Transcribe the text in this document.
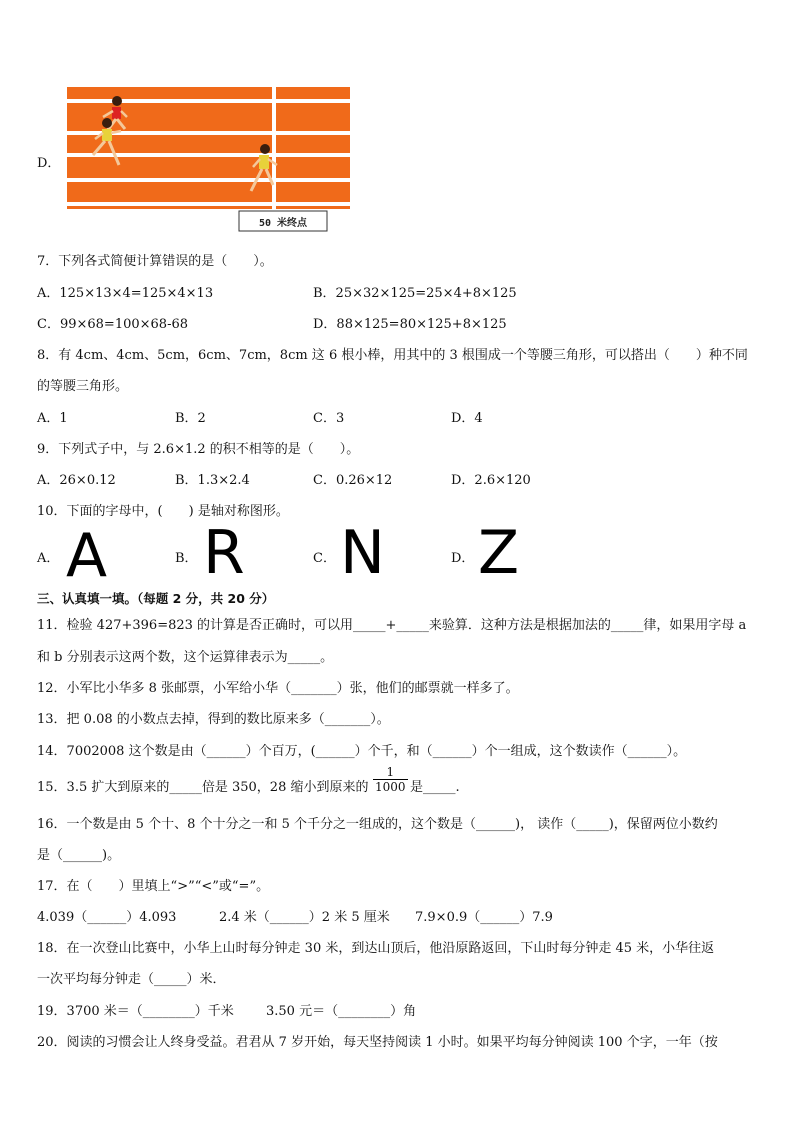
D．
50 米终点
7．下列各式简便计算错误的是（　　）。
A．125×13×4=125×4×13	B．25×32×125=25×4+8×125
C．99×68=100×68-68	D．88×125=80×125+8×125
8．有 4cm、4cm、5cm，6cm、7cm，8cm 这 6 根小棒，用其中的 3 根围成一个等腰三角形，可以搭出（　　）种不同
的等腰三角形。
A．1	B．2	C．3	D．4
9．下列式子中，与 2.6×1.2 的积不相等的是（　　）。
A．26×0.12	B．1.3×2.4	C．0.26×12	D．2.6×120
10．下面的字母中，(　　) 是轴对称图形。
A． A	B． R	C． N	D． Z
三、认真填一填。（每题 2 分，共 20 分）
11．检验 427+396=823 的计算是否正确时，可以用_____+_____来验算．这种方法是根据加法的_____律，如果用字母 a
和 b 分别表示这两个数，这个运算律表示为_____。
12．小军比小华多 8 张邮票，小军给小华（_______）张，他们的邮票就一样多了。
13．把 0.08 的小数点去掉，得到的数比原来多（_______）。
14．7002008 这个数是由（______）个百万，(______）个千，和（______）个一组成，这个数读作（______）。
15．3.5 扩大到原来的_____倍是 350，28 缩小到原来的 $\frac{1}{1000}$ 是_____.
16．一个数是由 5 个十、8 个十分之一和 5 个千分之一组成的，这个数是（______)， 读作（_____)，保留两位小数约
是（______)。
17．在（　　）里填上“>”“<”或“=”。
4.039（______）4.093	2.4 米（______）2 米 5 厘米 7.9×0.9（______）7.9
18．在一次登山比赛中，小华上山时每分钟走 30 米，到达山顶后，他沿原路返回，下山时每分钟走 45 米，小华往返
一次平均每分钟走（_____）米．
19．3700 米＝（________）千米 3.50 元＝（________）角
20．阅读的习惯会让人终身受益。君君从 7 岁开始，每天坚持阅读 1 小时。如果平均每分钟阅读 100 个字，一年（按
